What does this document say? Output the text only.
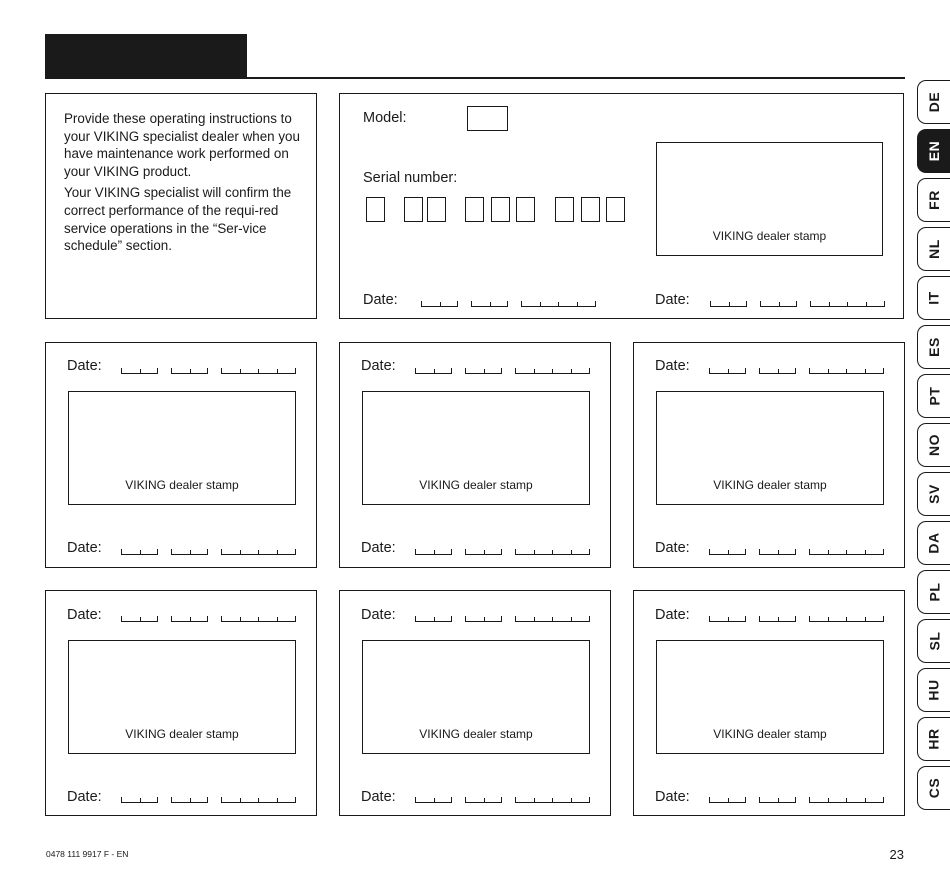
Provide these operating instructions to your VIKING specialist dealer when you have maintenance work performed on your VIKING product.

Your VIKING specialist will confirm the correct performance of the requi-red service operations in the “Ser-vice schedule” section.

Model:
Serial number:
VIKING dealer stamp
Date:	Date:
Date:
VIKING dealer stamp
Date:
Date:
VIKING dealer stamp
Date:
Date:
VIKING dealer stamp
Date:
Date:
VIKING dealer stamp
Date:
Date:
VIKING dealer stamp
Date:
Date:
VIKING dealer stamp
Date:
DE
EN
FR
NL
IT
ES
PT
NO
SV
DA
PL
SL
HU
HR
CS
0478 111 9917 F - EN	23
